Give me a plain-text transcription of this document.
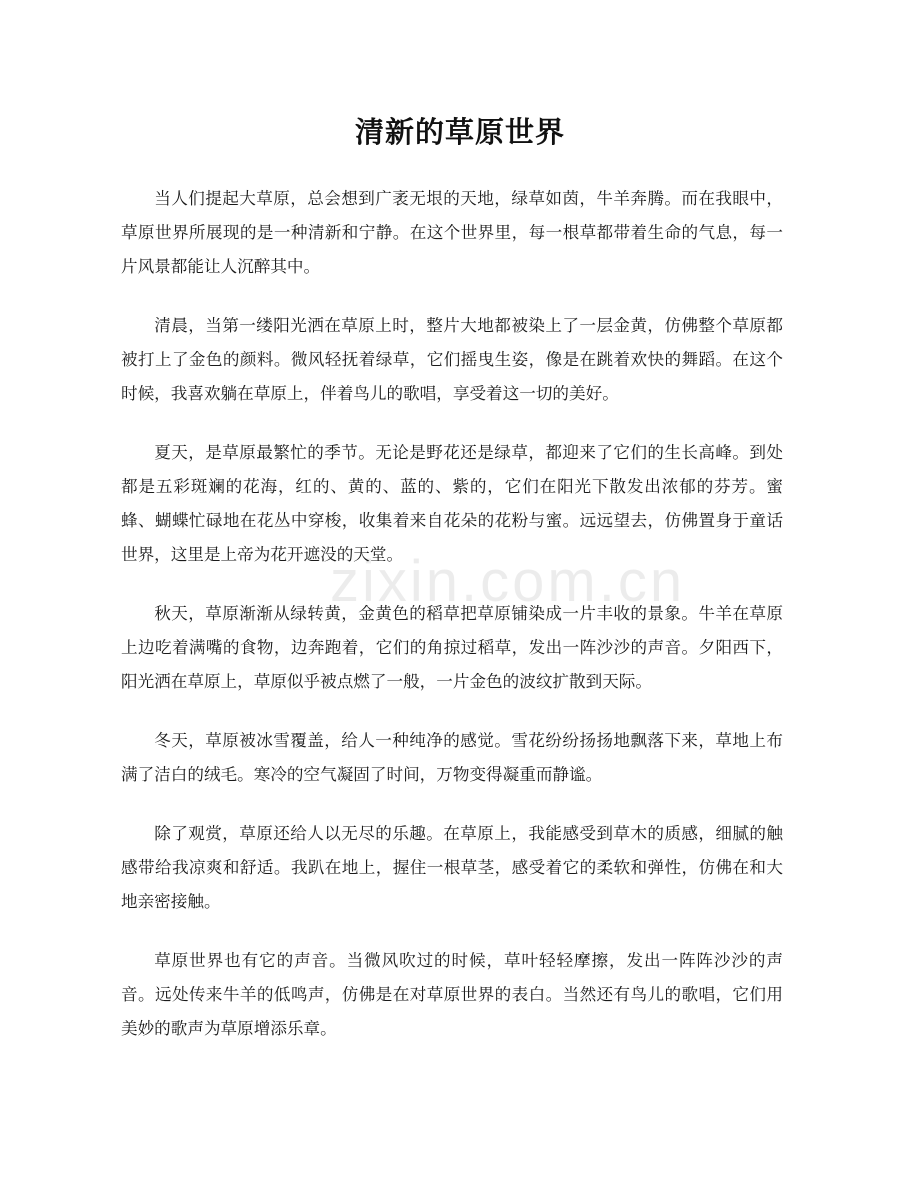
zixin.com.cn
清新的草原世界

当人们提起大草原，总会想到广袤无垠的天地，绿草如茵，牛羊奔腾。而在我眼中，草原世界所展现的是一种清新和宁静。在这个世界里，每一根草都带着生命的气息，每一片风景都能让人沉醉其中。

清晨，当第一缕阳光洒在草原上时，整片大地都被染上了一层金黄，仿佛整个草原都被打上了金色的颜料。微风轻抚着绿草，它们摇曳生姿，像是在跳着欢快的舞蹈。在这个时候，我喜欢躺在草原上，伴着鸟儿的歌唱，享受着这一切的美好。

夏天，是草原最繁忙的季节。无论是野花还是绿草，都迎来了它们的生长高峰。到处都是五彩斑斓的花海，红的、黄的、蓝的、紫的，它们在阳光下散发出浓郁的芬芳。蜜蜂、蝴蝶忙碌地在花丛中穿梭，收集着来自花朵的花粉与蜜。远远望去，仿佛置身于童话世界，这里是上帝为花开遮没的天堂。

秋天，草原渐渐从绿转黄，金黄色的稻草把草原铺染成一片丰收的景象。牛羊在草原上边吃着满嘴的食物，边奔跑着，它们的角掠过稻草，发出一阵沙沙的声音。夕阳西下，阳光洒在草原上，草原似乎被点燃了一般，一片金色的波纹扩散到天际。

冬天，草原被冰雪覆盖，给人一种纯净的感觉。雪花纷纷扬扬地飘落下来，草地上布满了洁白的绒毛。寒冷的空气凝固了时间，万物变得凝重而静谧。

除了观赏，草原还给人以无尽的乐趣。在草原上，我能感受到草木的质感，细腻的触感带给我凉爽和舒适。我趴在地上，握住一根草茎，感受着它的柔软和弹性，仿佛在和大地亲密接触。

草原世界也有它的声音。当微风吹过的时候，草叶轻轻摩擦，发出一阵阵沙沙的声音。远处传来牛羊的低鸣声，仿佛是在对草原世界的表白。当然还有鸟儿的歌唱，它们用美妙的歌声为草原增添乐章。
